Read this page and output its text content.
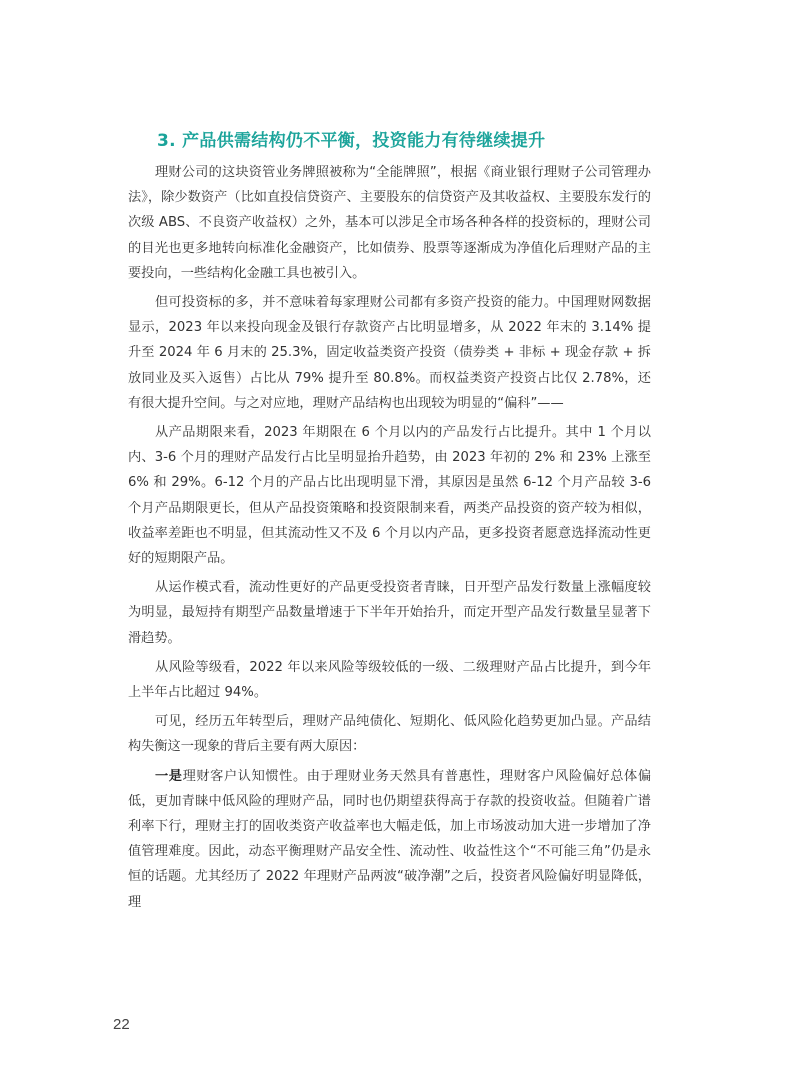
3. 产品供需结构仍不平衡，投资能力有待继续提升

理财公司的这块资管业务牌照被称为“全能牌照”，根据《商业银行理财子公司管理办法》，除少数资产（比如直投信贷资产、主要股东的信贷资产及其收益权、主要股东发行的次级 ABS、不良资产收益权）之外，基本可以涉足全市场各种各样的投资标的，理财公司的目光也更多地转向标准化金融资产，比如债券、股票等逐渐成为净值化后理财产品的主要投向，一些结构化金融工具也被引入。

但可投资标的多，并不意味着每家理财公司都有多资产投资的能力。中国理财网数据显示，2023 年以来投向现金及银行存款资产占比明显增多，从 2022 年末的 3.14% 提升至 2024 年 6 月末的 25.3%，固定收益类资产投资（债券类 + 非标 + 现金存款 + 拆放同业及买入返售）占比从 79% 提升至 80.8%。而权益类资产投资占比仅 2.78%，还有很大提升空间。与之对应地，理财产品结构也出现较为明显的“偏科”——

从产品期限来看，2023 年期限在 6 个月以内的产品发行占比提升。其中 1 个月以内、3-6 个月的理财产品发行占比呈明显抬升趋势，由 2023 年初的 2% 和 23% 上涨至 6% 和 29%。6-12 个月的产品占比出现明显下滑，其原因是虽然 6-12 个月产品较 3-6 个月产品期限更长，但从产品投资策略和投资限制来看，两类产品投资的资产较为相似，收益率差距也不明显，但其流动性又不及 6 个月以内产品，更多投资者愿意选择流动性更好的短期限产品。

从运作模式看，流动性更好的产品更受投资者青睐，日开型产品发行数量上涨幅度较为明显，最短持有期型产品数量增速于下半年开始抬升，而定开型产品发行数量呈显著下滑趋势。

从风险等级看，2022 年以来风险等级较低的一级、二级理财产品占比提升，到今年上半年占比超过 94%。

可见，经历五年转型后，理财产品纯债化、短期化、低风险化趋势更加凸显。产品结构失衡这一现象的背后主要有两大原因：

一是理财客户认知惯性。由于理财业务天然具有普惠性，理财客户风险偏好总体偏低，更加青睐中低风险的理财产品，同时也仍期望获得高于存款的投资收益。但随着广谱利率下行，理财主打的固收类资产收益率也大幅走低，加上市场波动加大进一步增加了净值管理难度。因此，动态平衡理财产品安全性、流动性、收益性这个“不可能三角”仍是永恒的话题。尤其经历了 2022 年理财产品两波“破净潮”之后，投资者风险偏好明显降低，理

22
